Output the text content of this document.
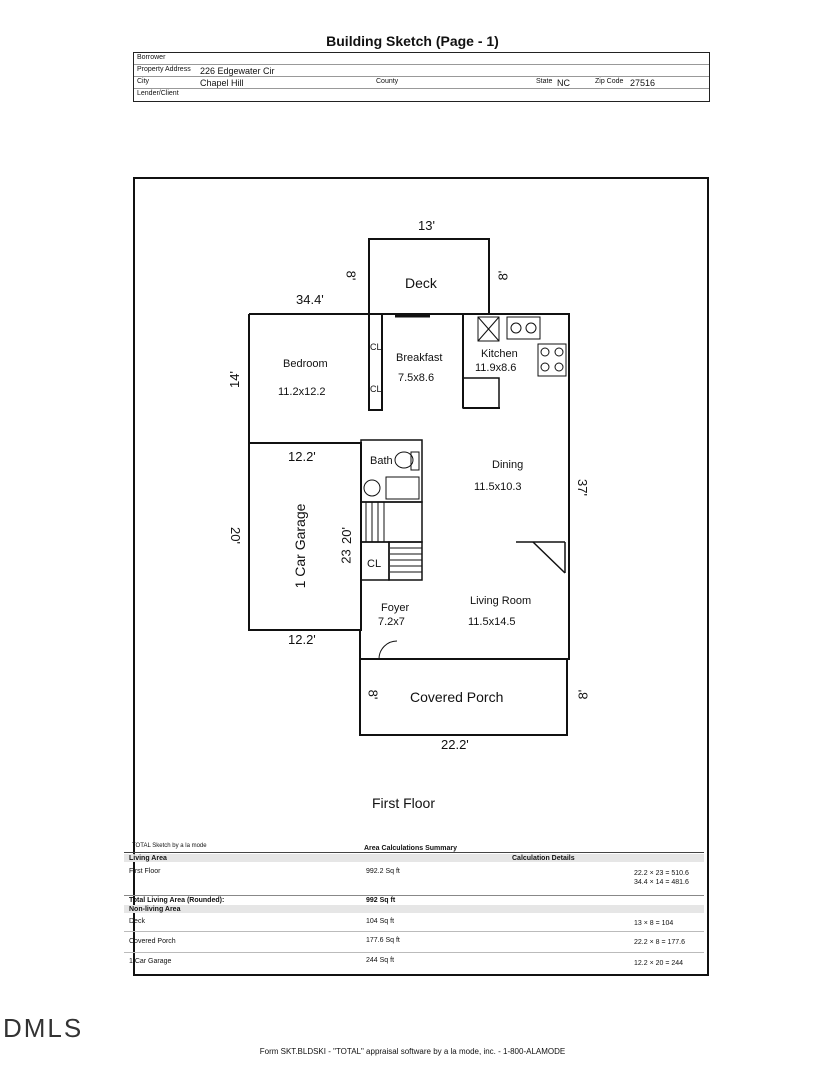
Building Sketch (Page - 1)
Borrower
Property Address 226 Edgewater Cir
City	Chapel Hill	County	State NC	Zip Code 27516
Lender/Client
13'
8'	8'
Deck
34.4'
14'
Bedroom
11.2x12.2
CL
CL
Breakfast
7.5x8.6
Kitchen
11.9x8.6
12.2'
12.2'
20'	20'
23
1 Car Garage
Bath
CL
Dining
11.5x10.3	37'
Foyer
7.2x7
Living Room
11.5x14.5
8'	8'
Covered Porch
22.2'
First Floor
TOTAL Sketch by a la mode	Area Calculations Summary
Living Area	Calculation Details
First Floor	992.2 Sq ft	22.2 × 23 = 510.6
34.4 × 14 = 481.6
Total Living Area (Rounded):	992 Sq ft
Non-living Area
Deck	104 Sq ft	13 × 8 = 104
Covered Porch	177.6 Sq ft	22.2 × 8 = 177.6
1 Car Garage	244 Sq ft	12.2 × 20 = 244
DMLS
Form SKT.BLDSKI - "TOTAL" appraisal software by a la mode, inc. - 1-800-ALAMODE
